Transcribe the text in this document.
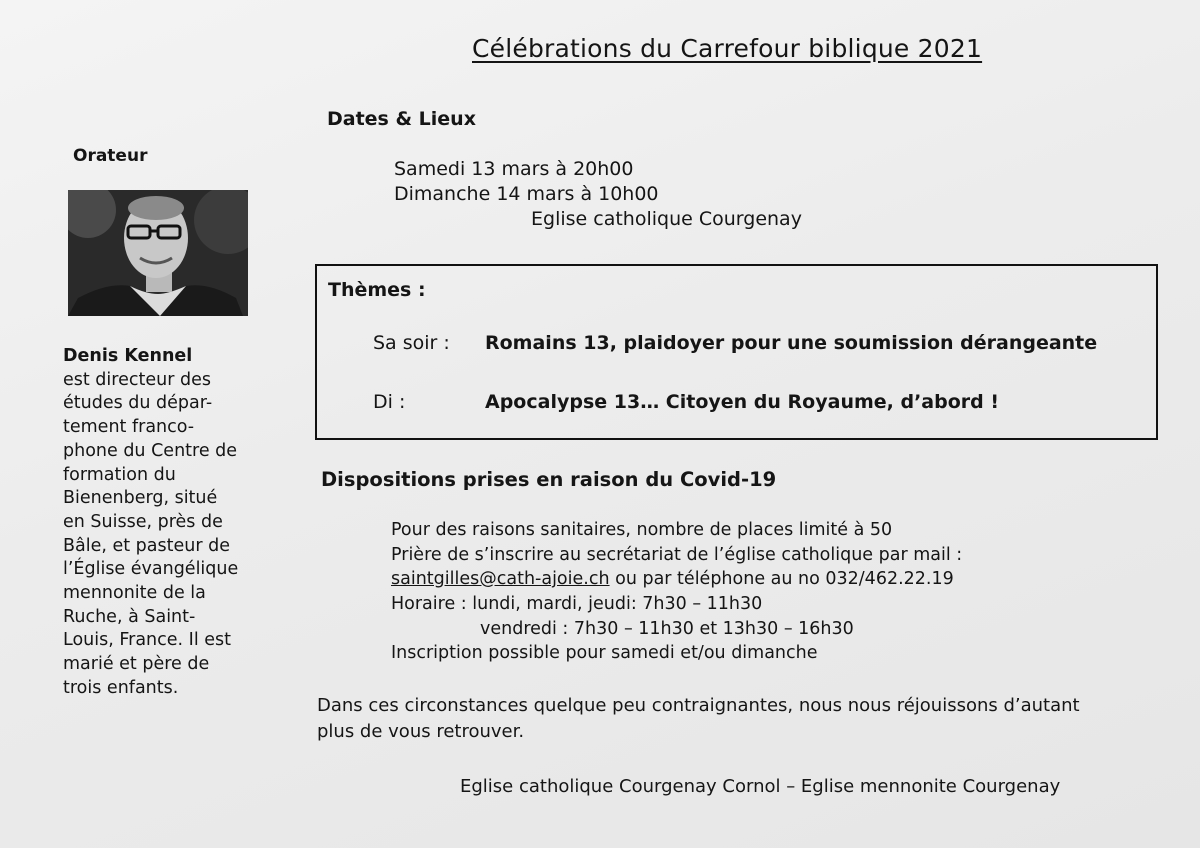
Célébrations du Carrefour biblique 2021
Dates & Lieux
Samedi 13 mars à 20h00
Dimanche 14 mars à 10h00
Eglise catholique Courgenay
Orateur
Denis Kennel
est directeur des
études du dépar-
tement franco-
phone du Centre de
formation du
Bienenberg, situé
en Suisse, près de
Bâle, et pasteur de
l’Église évangélique
mennonite de la
Ruche, à Saint-
Louis, France. Il est
marié et père de
trois enfants.
Thèmes :
Sa soir : Romains 13, plaidoyer pour une soumission dérangeante
Di :	Apocalypse 13… Citoyen du Royaume, d’abord !
Dispositions prises en raison du Covid-19
Pour des raisons sanitaires, nombre de places limité à 50
Prière de s’inscrire au secrétariat de l’église catholique par mail :
saintgilles@cath-ajoie.ch ou par téléphone au no 032/462.22.19
Horaire : lundi, mardi, jeudi: 7h30 – 11h30
vendredi : 7h30 – 11h30 et 13h30 – 16h30
Inscription possible pour samedi et/ou dimanche
Dans ces circonstances quelque peu contraignantes, nous nous réjouissons d’autant
plus de vous retrouver.
Eglise catholique Courgenay Cornol – Eglise mennonite Courgenay
